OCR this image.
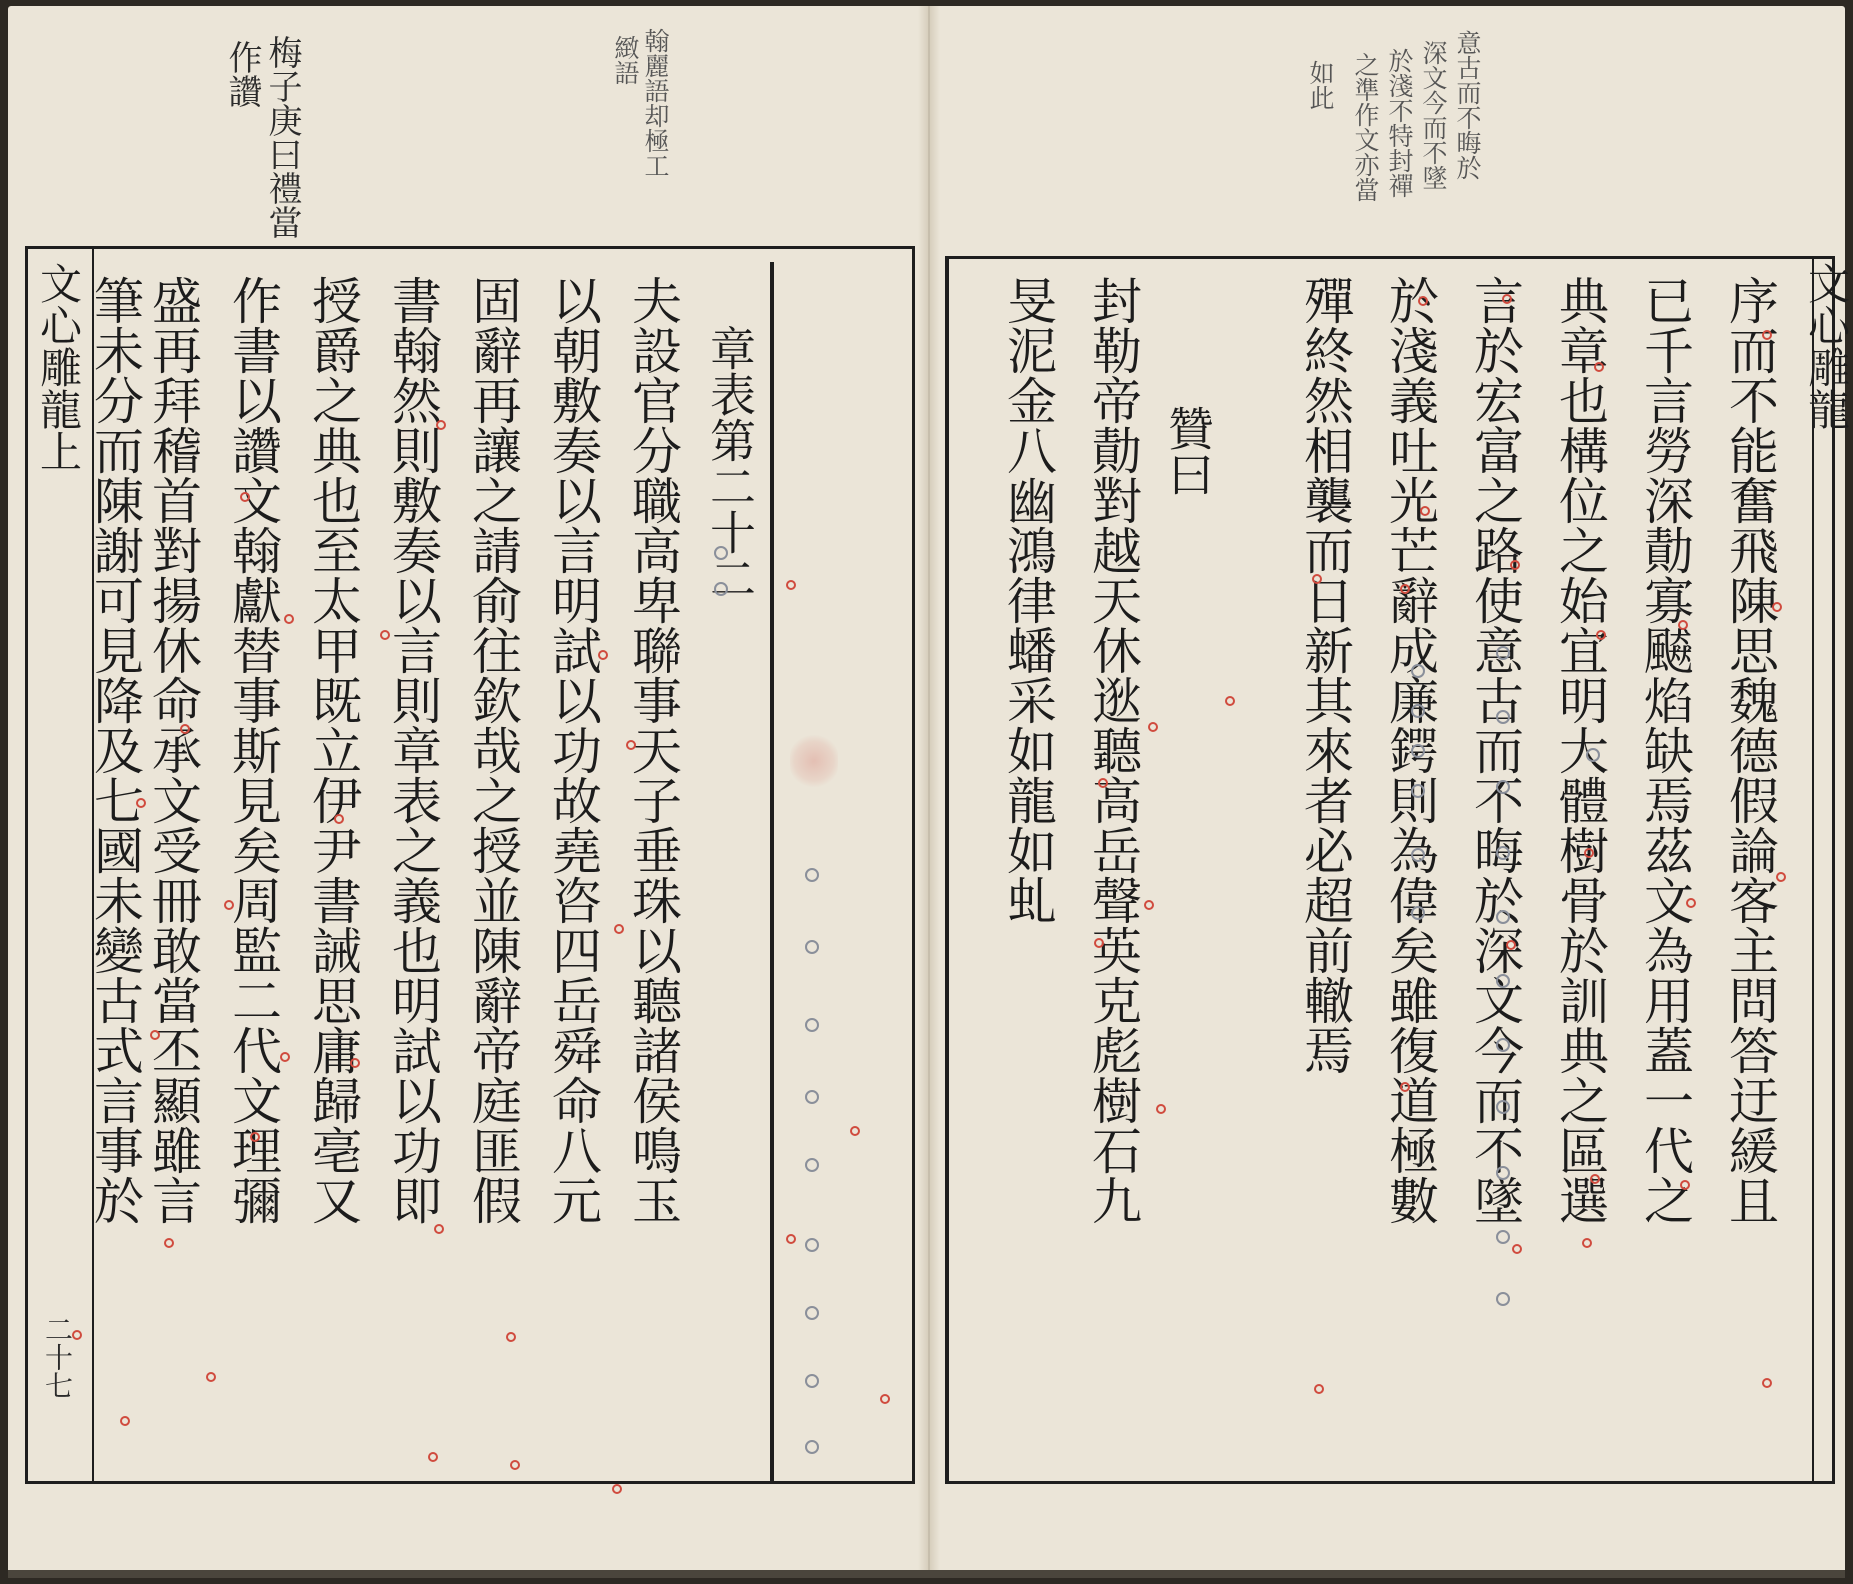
梅子庚曰禮當
作讚	翰麗語却極工
緻語
文心雕龍上
二十七
章表第二十二
夫設官分職高卑聯事天子垂珠以聽諸侯鳴玉
以朝敷奏以言明試以功故堯咨四岳舜命八元
固辭再讓之請俞往欽哉之授並陳辭帝庭匪假
書翰然則敷奏以言則章表之義也明試以功即
授爵之典也至太甲既立伊尹書誡思庸歸亳又
作書以讚文翰獻替事斯見矣周監二代文理彌
盛再拜稽首對揚休命承文受冊敢當丕顯雖言
筆未分而陳謝可見降及七國未變古式言事於
意古而不晦於
深文今而不墜
於淺不特封禪
之準作文亦當
如此
文心雕龍
序而不能奮飛陳思魏德假論客主問答迂緩且
已千言勞深勣寡飇焰缺焉茲文為用蓋一代之
典章也構位之始宜明大體樹骨於訓典之區選
言於宏富之路使意古而不晦於深文今而不墜
於淺義吐光芒辭成廉鍔則為偉矣雖復道極數
殫終然相襲而日新其來者必超前轍焉
贊曰
封勒帝勣對越天休逖聽高岳聲英克彪樹石九
旻泥金八幽鴻律蟠采如龍如虬
